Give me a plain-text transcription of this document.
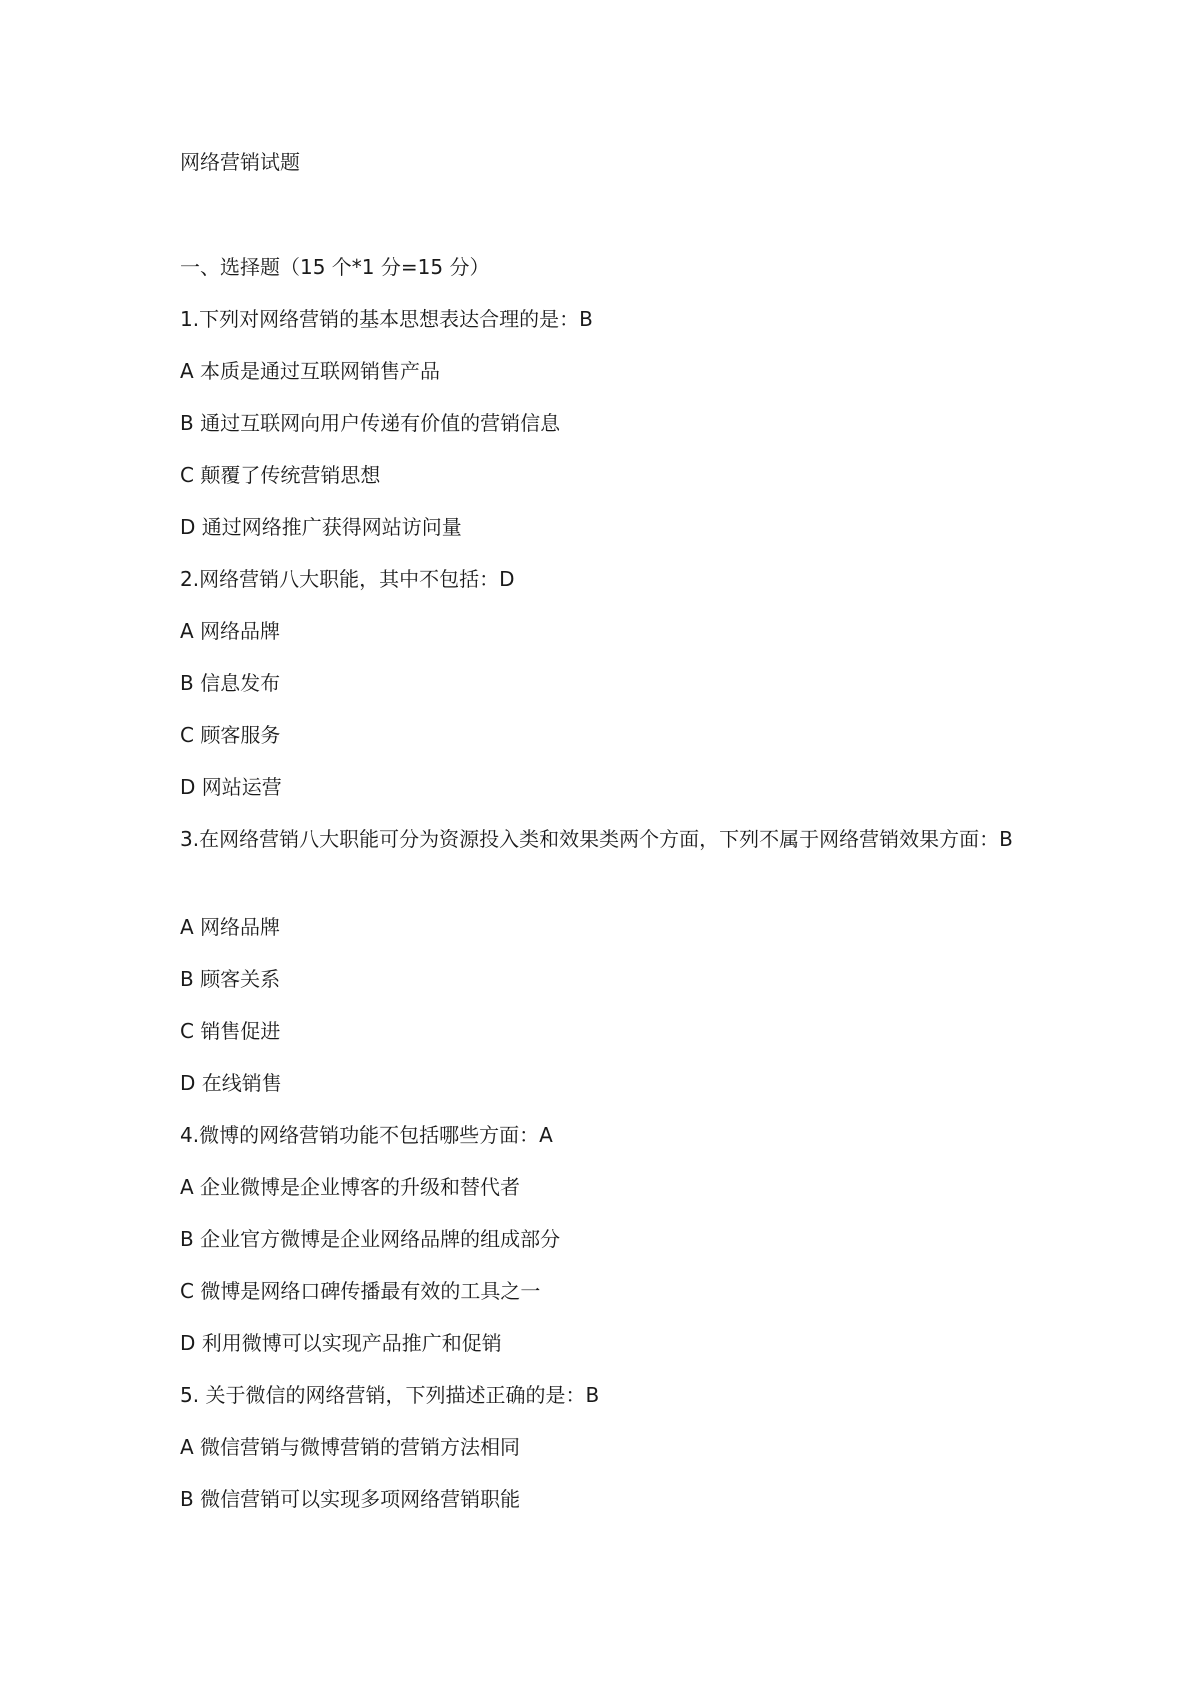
网络营销试题

一、选择题（15 个*1 分=15 分）

1.下列对网络营销的基本思想表达合理的是：B

A 本质是通过互联网销售产品

B 通过互联网向用户传递有价值的营销信息

C 颠覆了传统营销思想

D 通过网络推广获得网站访问量

2.网络营销八大职能，其中不包括：D

A 网络品牌

B 信息发布

C 顾客服务

D 网站运营

3.在网络营销八大职能可分为资源投入类和效果类两个方面，下列不属于网络营销效果方面：B

A 网络品牌

B 顾客关系

C 销售促进

D 在线销售

4.微博的网络营销功能不包括哪些方面：A

A 企业微博是企业博客的升级和替代者

B 企业官方微博是企业网络品牌的组成部分

C 微博是网络口碑传播最有效的工具之一

D 利用微博可以实现产品推广和促销

5. 关于微信的网络营销，下列描述正确的是：B

A 微信营销与微博营销的营销方法相同

B 微信营销可以实现多项网络营销职能
